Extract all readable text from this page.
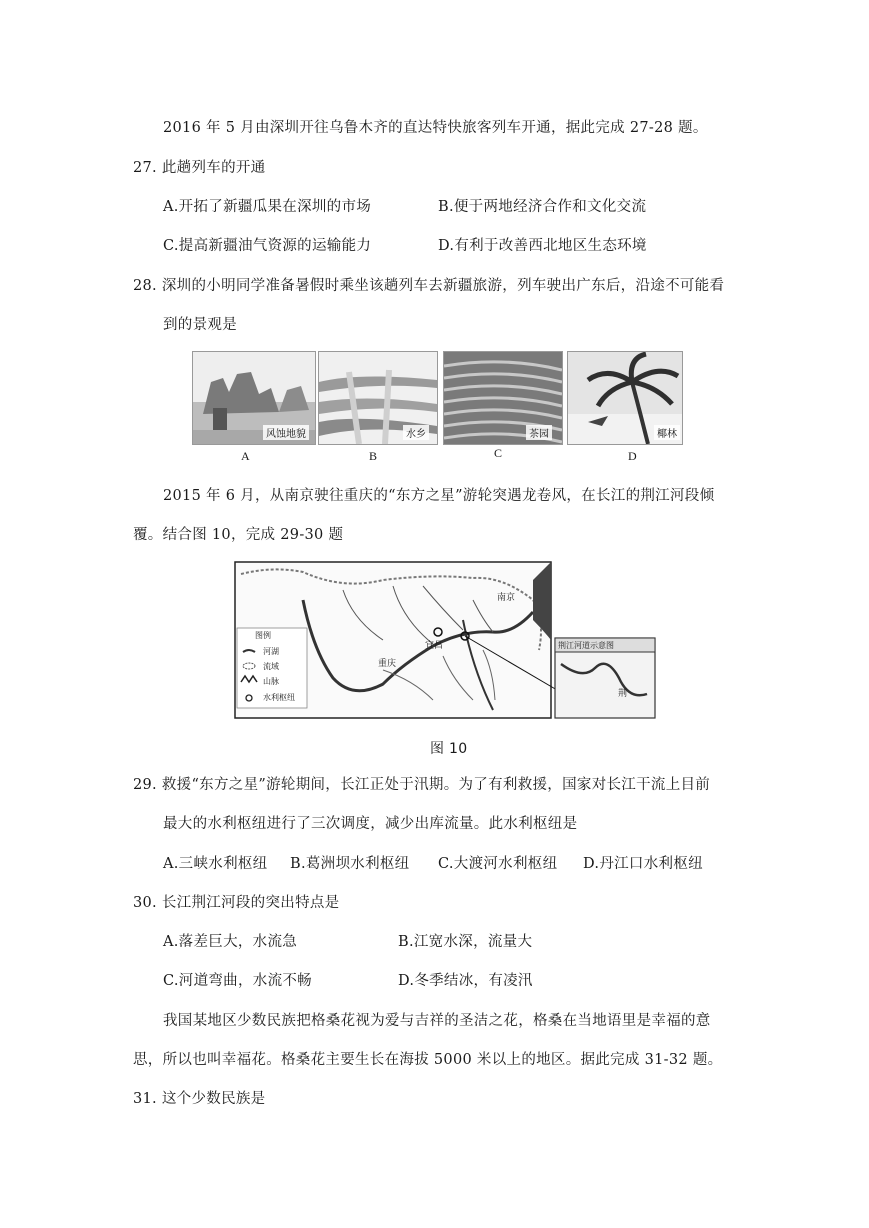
2016 年 5 月由深圳开往乌鲁木齐的直达特快旅客列车开通，据此完成 27-28 题。
27. 此趟列车的开通
A.开拓了新疆瓜果在深圳的市场	B.便于两地经济合作和文化交流
C.提高新疆油气资源的运输能力	D.有利于改善西北地区生态环境
28. 深圳的小明同学准备暑假时乘坐该趟列车去新疆旅游，列车驶出广东后，沿途不可能看
到的景观是
风蚀地貌
A
水乡
B
茶园
C
椰林
D
2015 年 6 月，从南京驶往重庆的“东方之星”游轮突遇龙卷风，在长江的荆江河段倾
覆。结合图 10，完成 29-30 题
图例
河湖
流域
山脉
水利枢纽
南京
重庆
宜昌	荆江河道示意图
荆
图 10
29. 救援“东方之星”游轮期间，长江正处于汛期。为了有利救援，国家对长江干流上目前
最大的水利枢纽进行了三次调度，减少出库流量。此水利枢纽是
A.三峡水利枢纽 B.葛洲坝水利枢纽 C.大渡河水利枢纽 D.丹江口水利枢纽
30. 长江荆江河段的突出特点是
A.落差巨大，水流急	B.江宽水深，流量大
C.河道弯曲，水流不畅	D.冬季结冰，有凌汛
我国某地区少数民族把格桑花视为爱与吉祥的圣洁之花，格桑在当地语里是幸福的意
思，所以也叫幸福花。格桑花主要生长在海拔 5000 米以上的地区。据此完成 31-32 题。
31. 这个少数民族是
